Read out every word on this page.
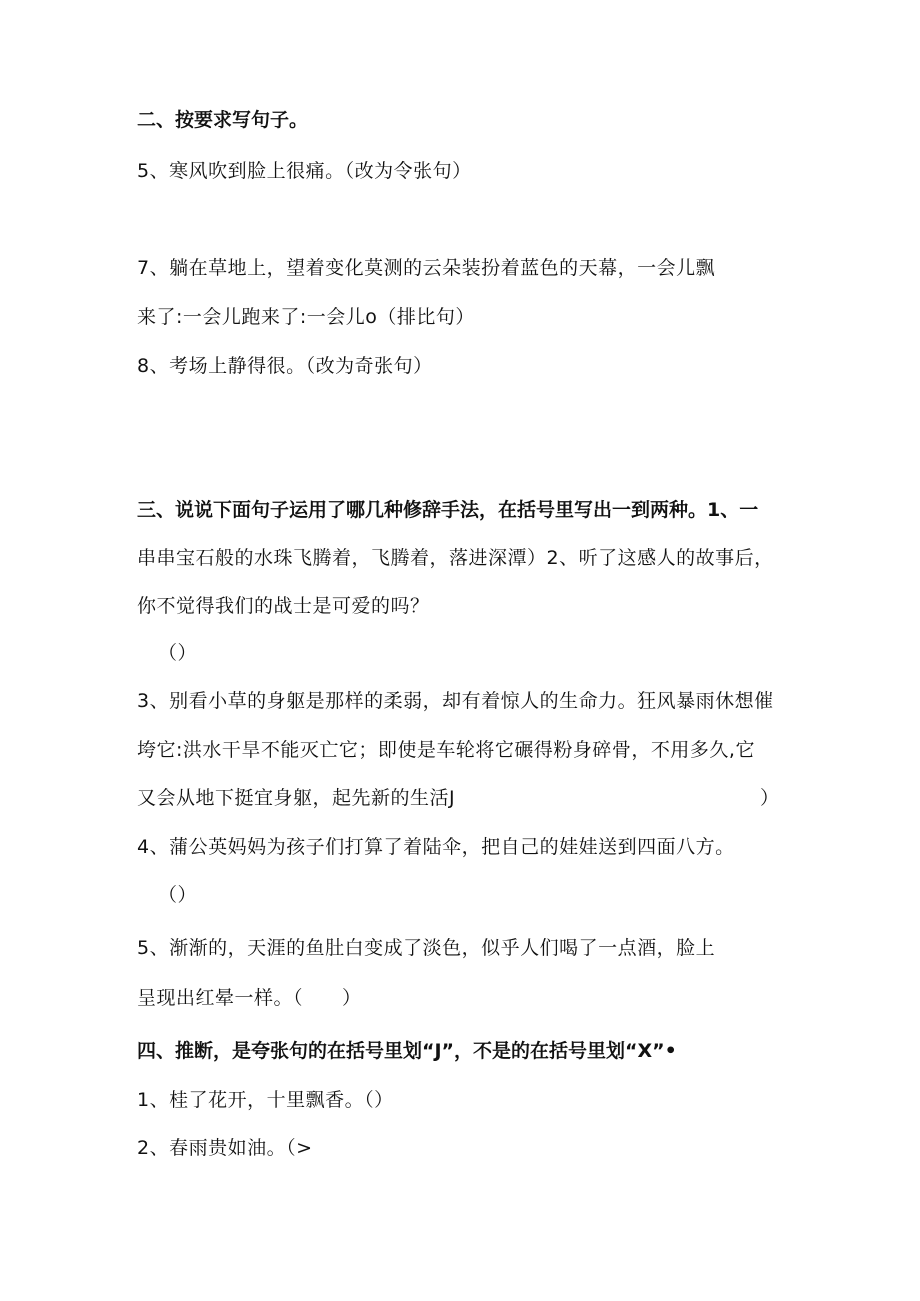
二、按要求写句子。
5、寒风吹到脸上很痛。（改为令张句）
7、躺在草地上，望着变化莫测的云朵装扮着蓝色的天幕，一会儿飘
来了:一会儿跑来了:一会儿o（排比句）
8、考场上静得很。（改为奇张句）
三、说说下面句子运用了哪几种修辞手法，在括号里写出一到两种。1、一
串串宝石般的水珠飞腾着，飞腾着，落进深潭）2、听了这感人的故事后，
你不觉得我们的战士是可爱的吗？
（）
3、别看小草的身躯是那样的柔弱，却有着惊人的生命力。狂风暴雨休想催
垮它:洪水干旱不能灭亡它；即使是车轮将它碾得粉身碎骨，不用多久,它
又会从地下挺宜身躯，起先新的生活J	）
4、蒲公英妈妈为孩子们打算了着陆伞，把自己的娃娃送到四面八方。
（）
5、渐渐的，天涯的鱼肚白变成了淡色，似乎人们喝了一点酒，脸上
呈现出红晕一样。（　　）
四、推断，是夸张句的在括号里划“J”，不是的在括号里划“X”•
1、桂了花开，十里飘香。（）
2、春雨贵如油。（>
